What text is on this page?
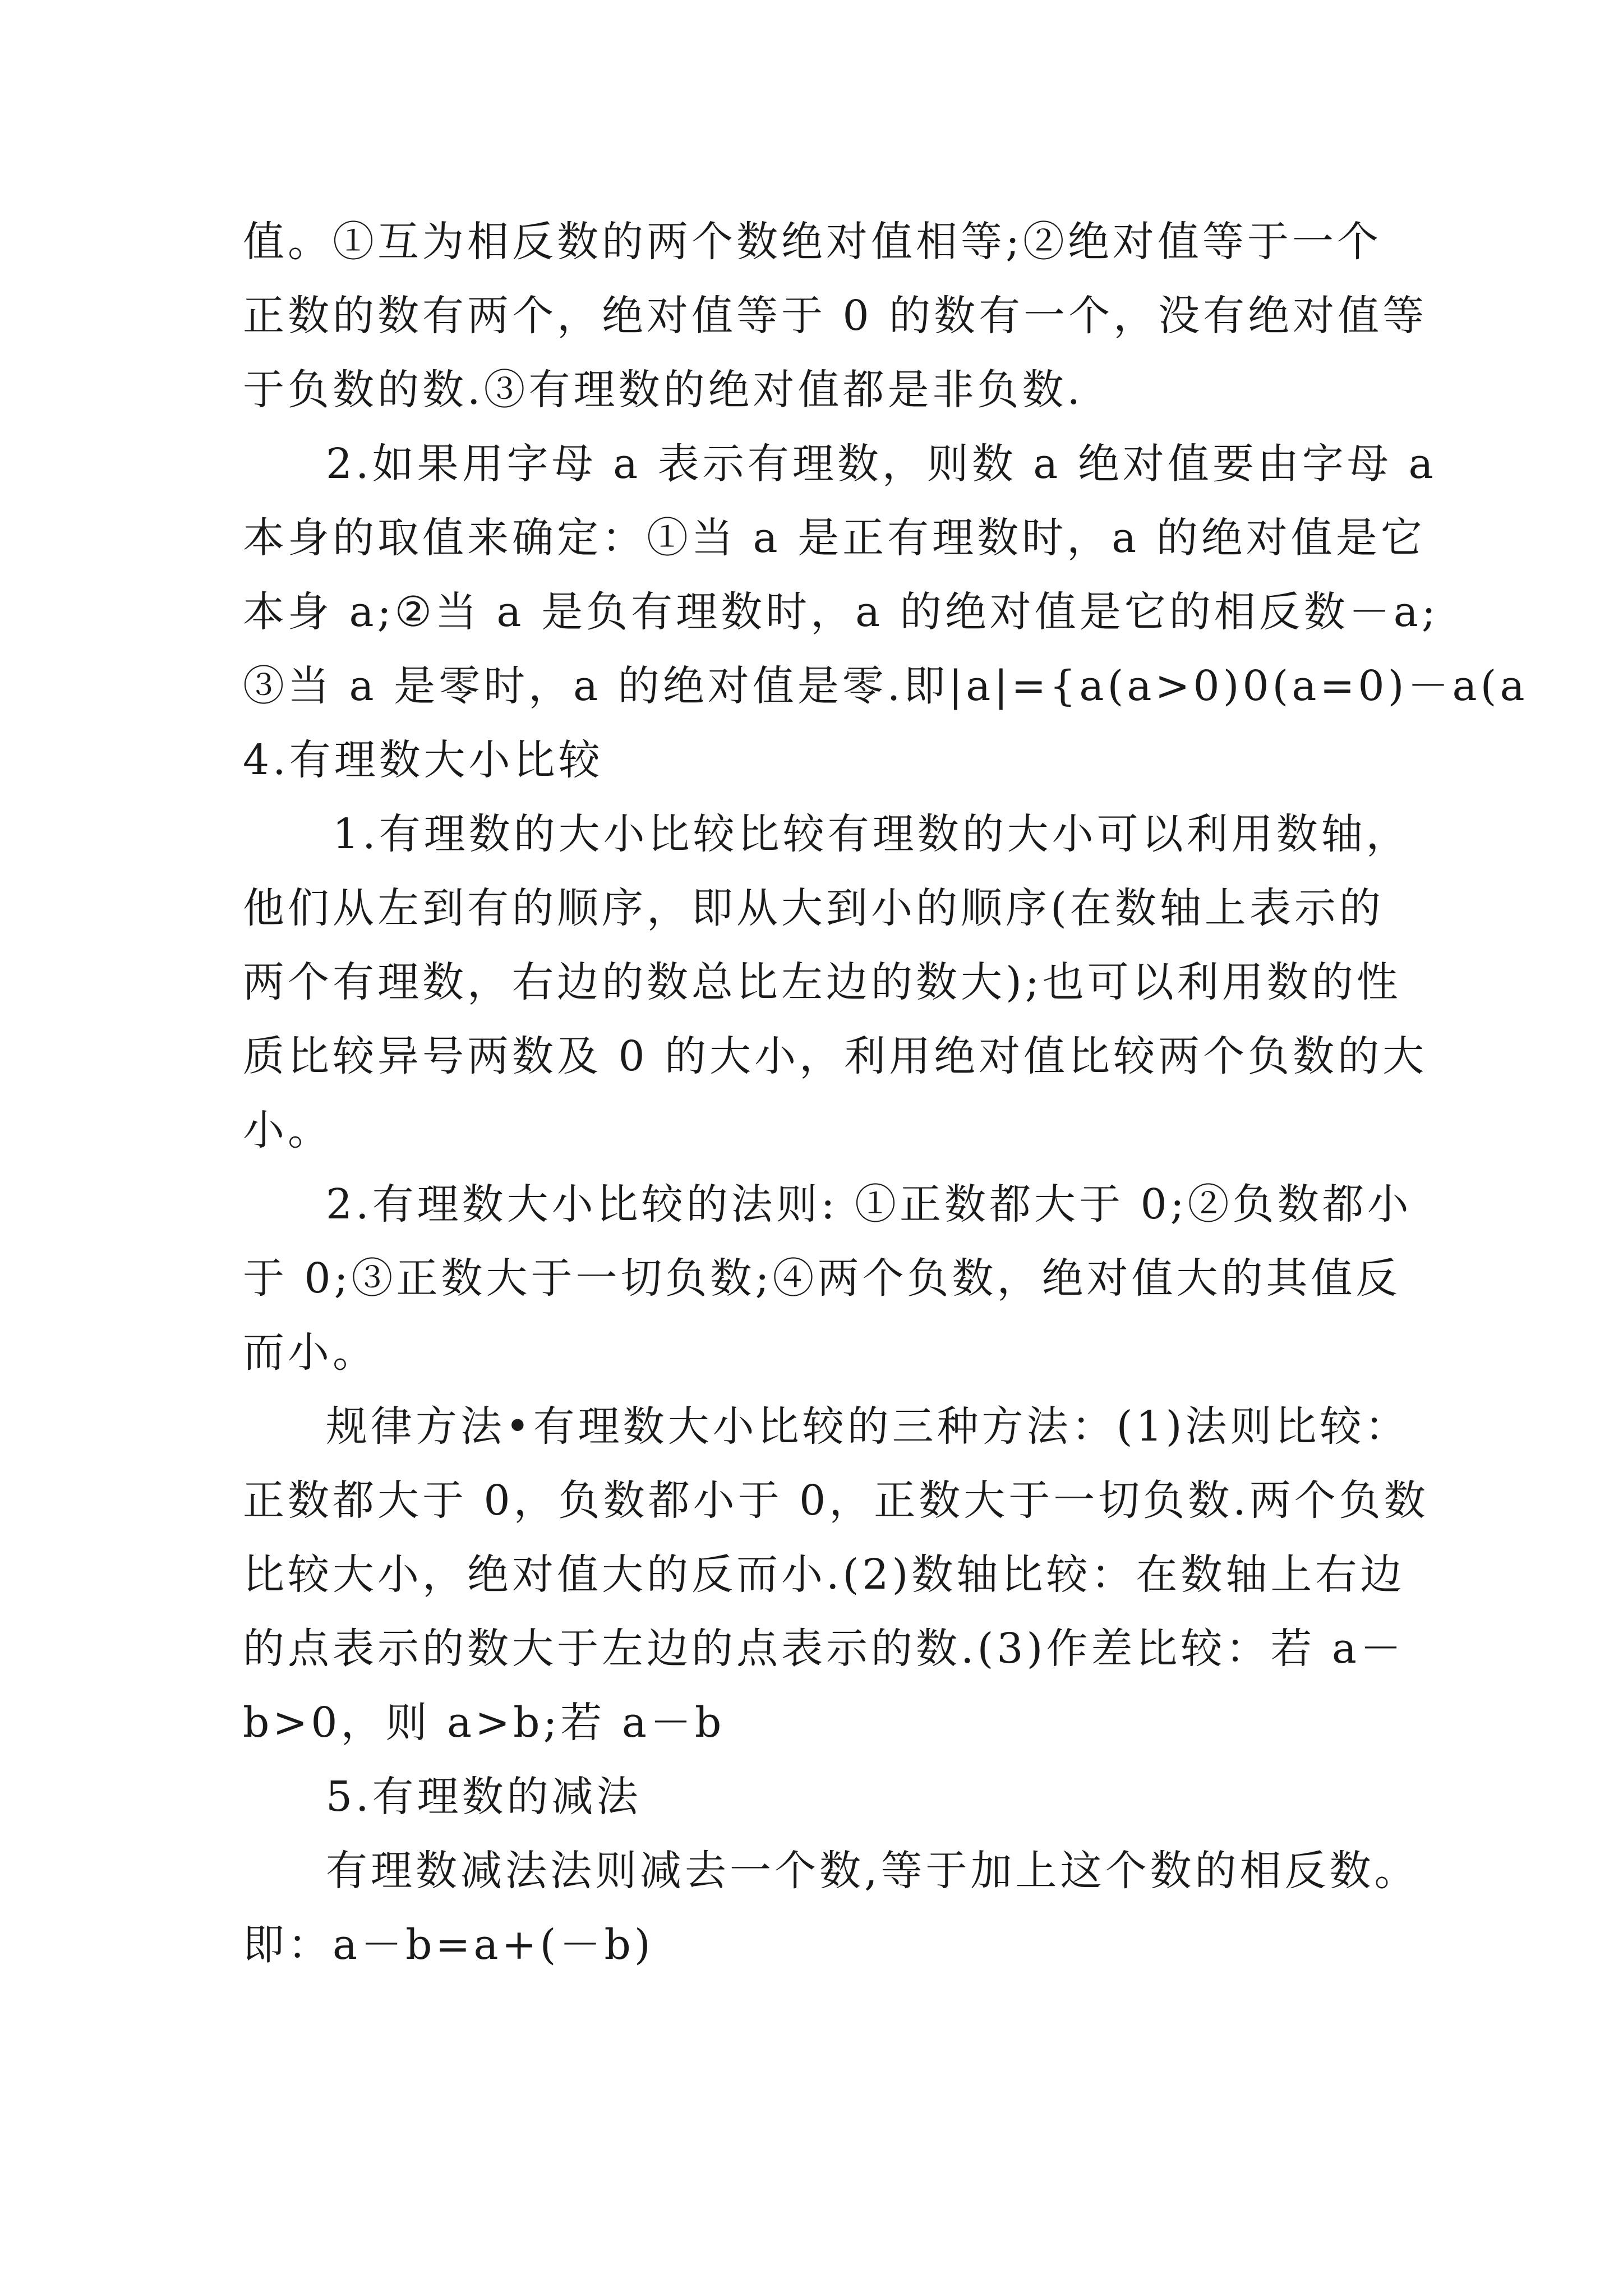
值。①互为相反数的两个数绝对值相等;②绝对值等于一个
正数的数有两个，绝对值等于 0 的数有一个，没有绝对值等
于负数的数.③有理数的绝对值都是非负数.
2.如果用字母 a 表示有理数，则数 a 绝对值要由字母 a
本身的取值来确定：①当 a 是正有理数时，a 的绝对值是它
本身 a;②当 a 是负有理数时，a 的绝对值是它的相反数－a;
③当 a 是零时，a 的绝对值是零.即|a|={a(a>0)0(a=0)－a(a
4.有理数大小比较
1.有理数的大小比较比较有理数的大小可以利用数轴，
他们从左到有的顺序，即从大到小的顺序(在数轴上表示的
两个有理数，右边的数总比左边的数大);也可以利用数的性
质比较异号两数及 0 的大小，利用绝对值比较两个负数的大
小。
2.有理数大小比较的法则: ①正数都大于 0;②负数都小
于 0;③正数大于一切负数;④两个负数，绝对值大的其值反
而小。
规律方法•有理数大小比较的三种方法：(1)法则比较：
正数都大于 0，负数都小于 0，正数大于一切负数.两个负数
比较大小，绝对值大的反而小.(2)数轴比较：在数轴上右边
的点表示的数大于左边的点表示的数.(3)作差比较：若 a－
b>0，则 a>b;若 a－b
5.有理数的减法
有理数减法法则减去一个数,等于加上这个数的相反数。
即：a－b=a+(－b)
